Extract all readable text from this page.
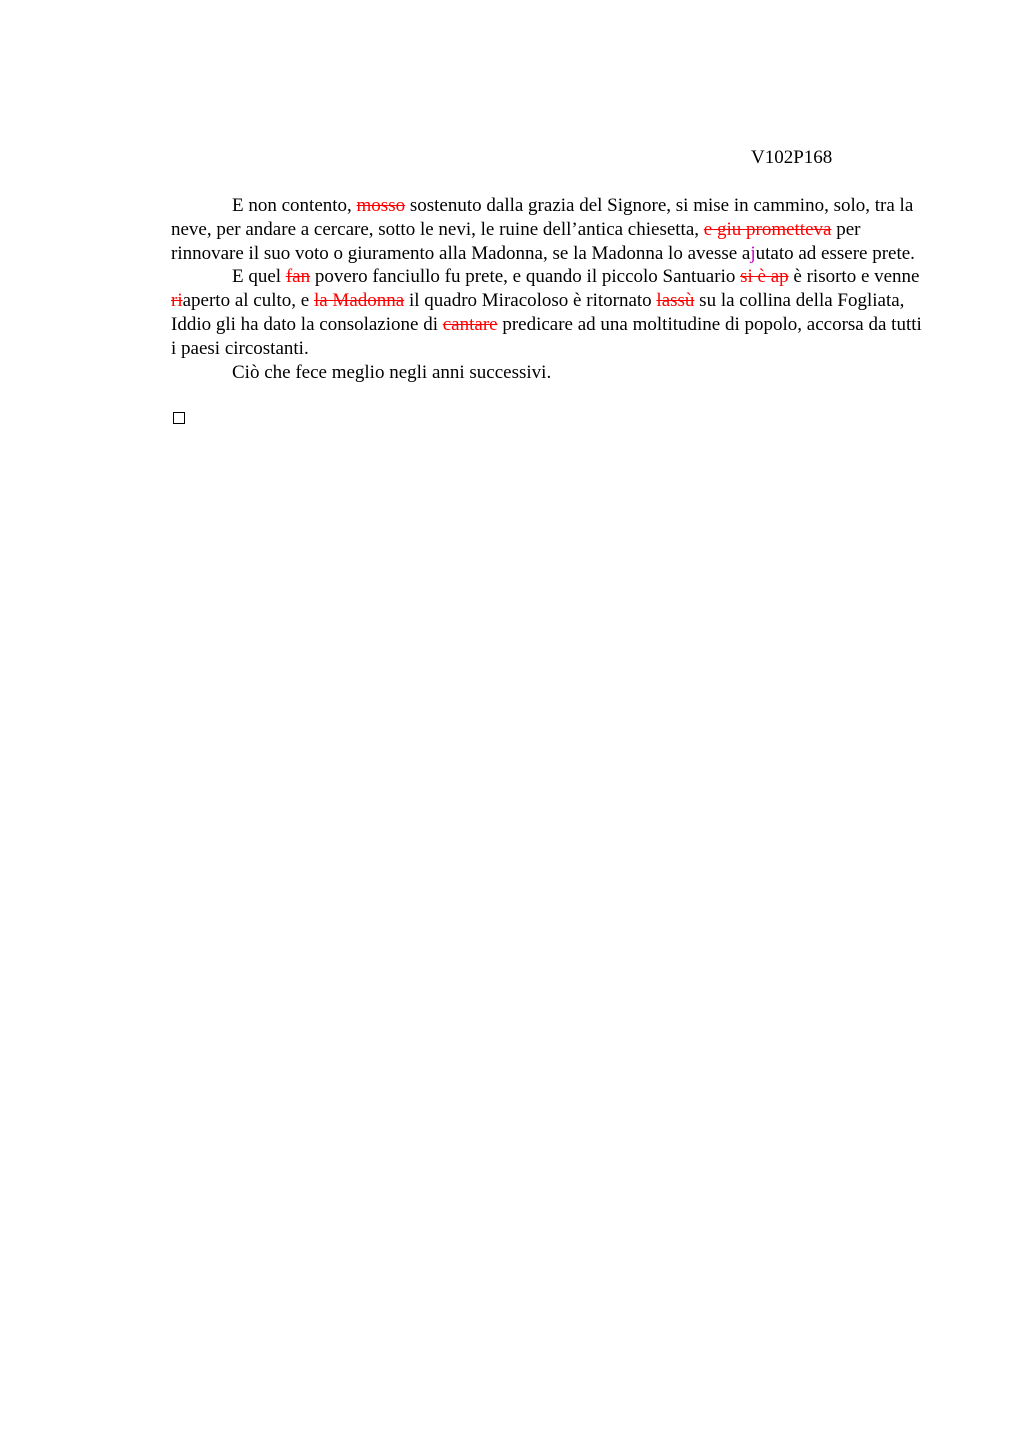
V102P168

E non contento, mosso sostenuto dalla grazia del Signore, si mise in cammino, solo, tra la neve, per andare a cercare, sotto le nevi, le ruine dell’antica chiesetta, e giu prometteva per rinnovare il suo voto o giuramento alla Madonna, se la Madonna lo avesse ajutato ad essere prete.

E quel fan povero fanciullo fu prete, e quando il piccolo Santuario si è ap è risorto e venne riaperto al culto, e la Madonna il quadro Miracoloso è ritornato lassù su la collina della Fogliata, Iddio gli ha dato la consolazione di cantare predicare ad una moltitudine di popolo, accorsa da tutti i paesi circostanti.

Ciò che fece meglio negli anni successivi.
